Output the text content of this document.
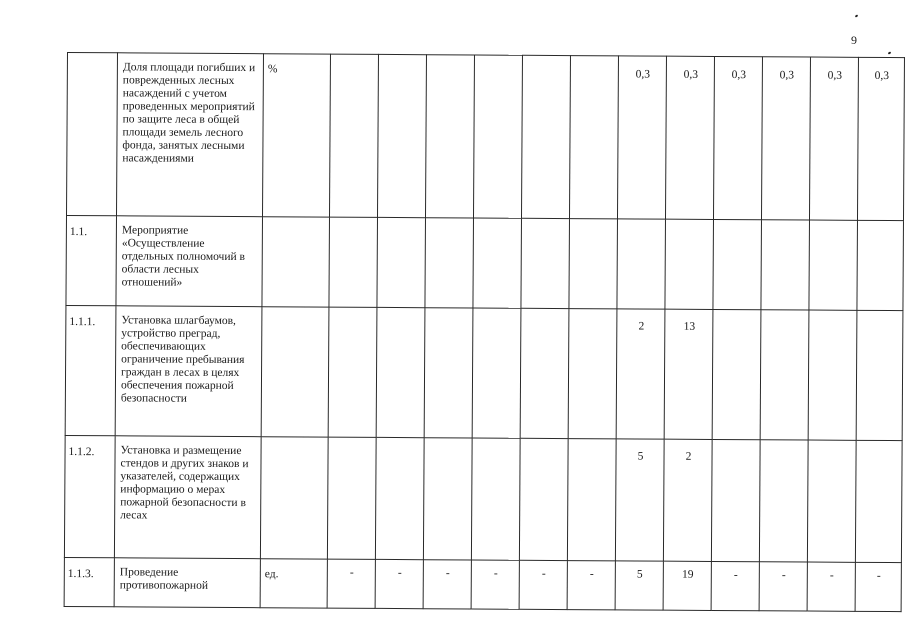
9
	Доля площади погибших и поврежденных лесных насаждений с учетом проведенных мероприятий по защите леса в общей площади земель лесного фонда, занятых лесными насаждениями	%							0,3	0,3	0,3	0,3	0,3	0,3
1.1.	Мероприятие «Осуществление отдельных полномочий в области лесных отношений»													
1.1.1.	Установка шлагбаумов, устройство преград, обеспечивающих ограничение пребывания граждан в лесах в целях обеспечения пожарной безопасности								2	13				
1.1.2.	Установка и размещение стендов и других знаков и указателей, содержащих информацию о мерах пожарной безопасности в лесах								5	2				
1.1.3.	Проведение противопожарной	ед.	-	-	-	-	-	-	5	19	-	-	-	-
